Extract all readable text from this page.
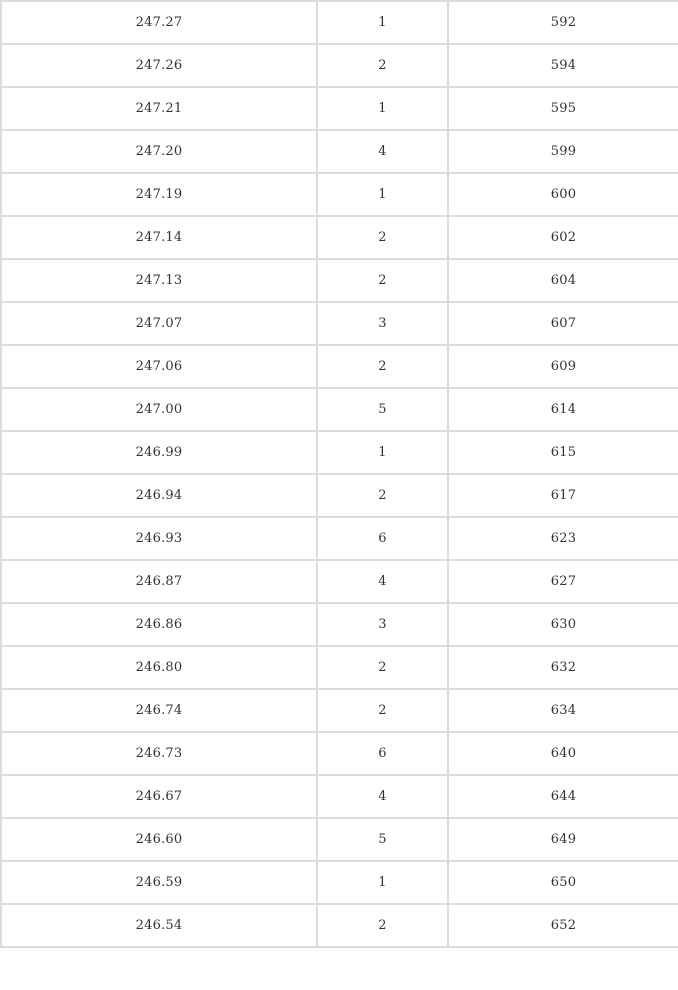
247.27	1	592
247.26	2	594
247.21	1	595
247.20	4	599
247.19	1	600
247.14	2	602
247.13	2	604
247.07	3	607
247.06	2	609
247.00	5	614
246.99	1	615
246.94	2	617
246.93	6	623
246.87	4	627
246.86	3	630
246.80	2	632
246.74	2	634
246.73	6	640
246.67	4	644
246.60	5	649
246.59	1	650
246.54	2	652
